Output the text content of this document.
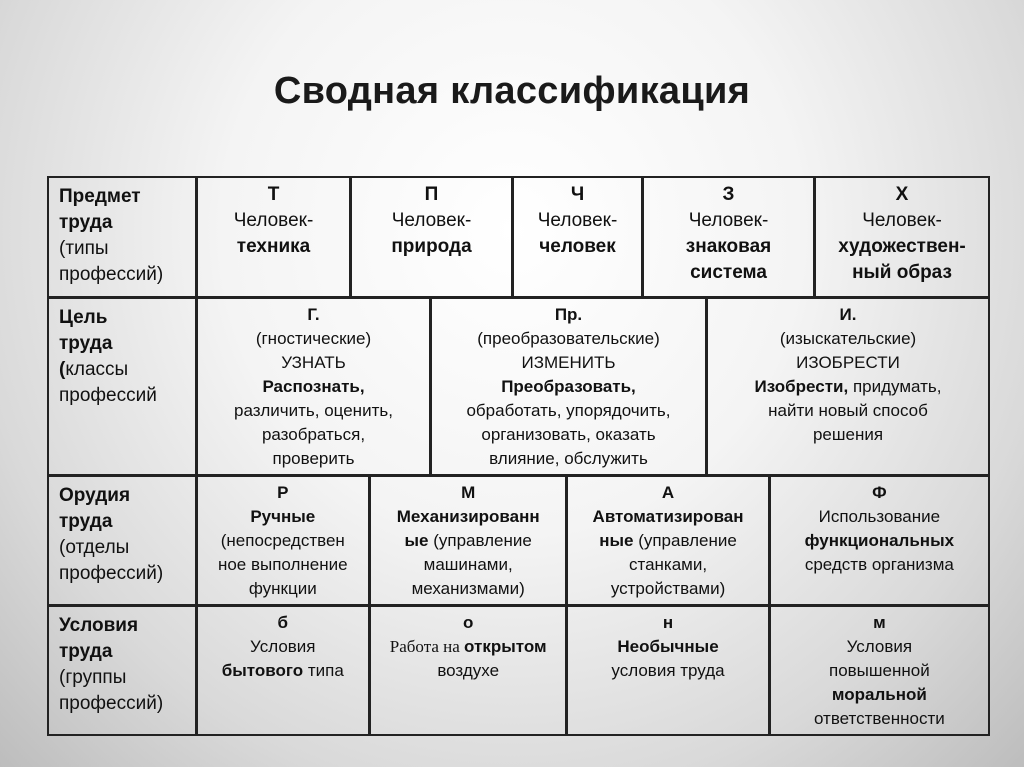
Сводная классификация
Предмет
труда
(типы
профессий)
Т
Человек-
техника
П
Человек-
природа
Ч
Человек-
человек
З
Человек-
знаковая
система
Х
Человек-
художествен-
ный образ
Цель
труда
(классы
профессий
Г.
(гностические)
УЗНАТЬ
Распознать,
различить, оценить,
разобраться,
проверить
Пр.
(преобразовательские)
ИЗМЕНИТЬ
Преобразовать,
обработать, упорядочить,
организовать, оказать
влияние, обслужить
И.
(изыскательские)
ИЗОБРЕСТИ
Изобрести, придумать,
найти новый способ
решения
Орудия
труда
(отделы
профессий)
Р
Ручные
(непосредствен
ное выполнение
функции
М
Механизированн
ые (управление
машинами,
механизмами)
А
Автоматизирован
ные (управление
станками,
устройствами)
Ф
Использование
функциональных
средств организма
Условия
труда
(группы
профессий)
б
Условия
бытового типа
о
Работа на открытом
воздухе
н
Необычные
условия труда
м
Условия
повышенной
моральной
ответственности
